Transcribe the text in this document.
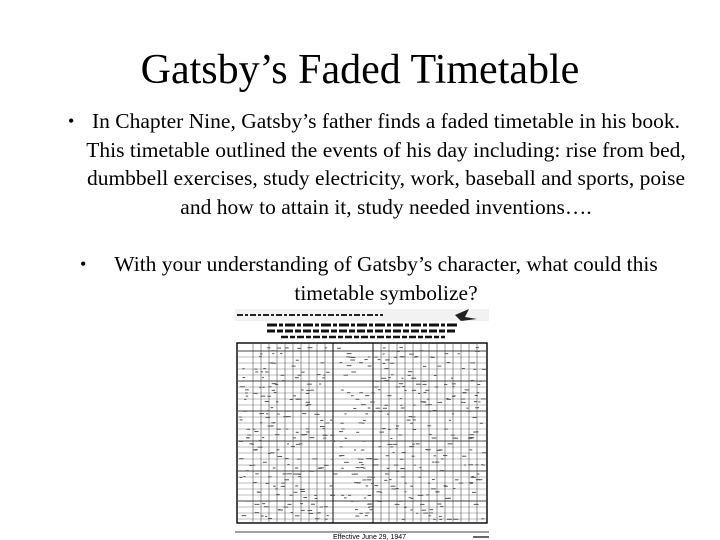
Gatsby’s Faded Timetable
• In Chapter Nine, Gatsby’s father finds a faded timetable in his book. This timetable outlined the events of his day including: rise from bed, dumbbell exercises, study electricity, work, baseball and sports, poise and how to attain it, study needed inventions….
•	With your understanding of Gatsby’s character, what could this timetable symbolize?
Effective June 29, 1947
